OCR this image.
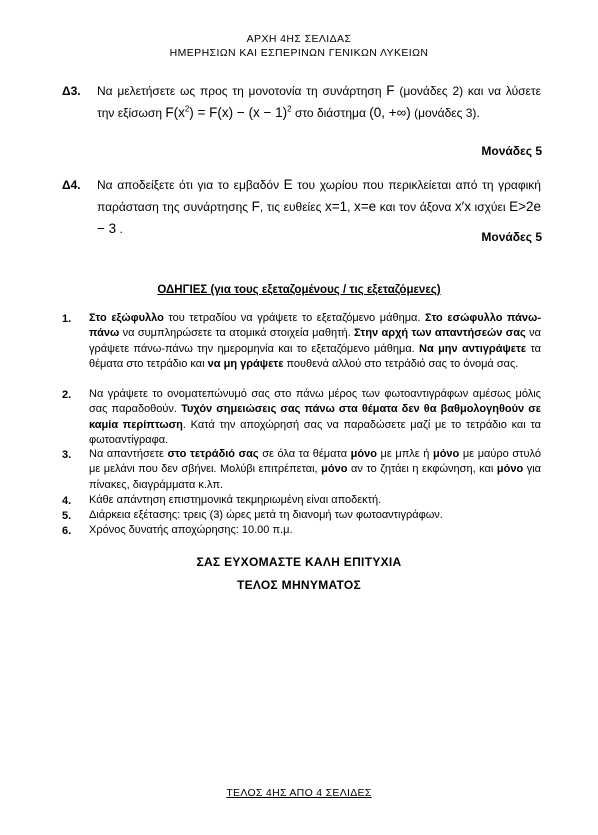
ΑΡΧΗ 4ΗΣ ΣΕΛΙΔΑΣ
ΗΜΕΡΗΣΙΩΝ ΚΑΙ ΕΣΠΕΡΙΝΩΝ ΓΕΝΙΚΩΝ ΛΥΚΕΙΩΝ
Δ3. Να μελετήσετε ως προς τη μονοτονία τη συνάρτηση F (μονάδες 2) και να λύσετε την εξίσωση $F(x^2) = F(x) - (x - 1)^2$ στο διάστημα (0, +∞) (μονάδες 3).
Μονάδες 5
Δ4. Να αποδείξετε ότι για το εμβαδόν E του χωρίου που περικλείεται από τη γραφική παράσταση της συνάρτησης F, τις ευθείες x=1, x=e και τον άξονα x′x ισχύει E>2e − 3 .
Μονάδες 5
ΟΔΗΓΙΕΣ (για τους εξεταζομένους / τις εξεταζόμενες)
1. Στο εξώφυλλο του τετραδίου να γράψετε το εξεταζόμενο μάθημα. Στο εσώφυλλο πάνω-πάνω να συμπληρώσετε τα ατομικά στοιχεία μαθητή. Στην αρχή των απαντήσεών σας να γράψετε πάνω-πάνω την ημερομηνία και το εξεταζόμενο μάθημα. Να μην αντιγράψετε τα θέματα στο τετράδιο και να μη γράψετε πουθενά αλλού στο τετράδιό σας το όνομά σας.
2. Να γράψετε το ονοματεπώνυμό σας στο πάνω μέρος των φωτοαντιγράφων αμέσως μόλις σας παραδοθούν. Τυχόν σημειώσεις σας πάνω στα θέματα δεν θα βαθμολογηθούν σε καμία περίπτωση. Κατά την αποχώρησή σας να παραδώσετε μαζί με το τετράδιο και τα φωτοαντίγραφα.
3. Να απαντήσετε στο τετράδιό σας σε όλα τα θέματα μόνο με μπλε ή μόνο με μαύρο στυλό με μελάνι που δεν σβήνει. Μολύβι επιτρέπεται, μόνο αν το ζητάει η εκφώνηση, και μόνο για πίνακες, διαγράμματα κ.λπ.
4. Κάθε απάντηση επιστημονικά τεκμηριωμένη είναι αποδεκτή.
5. Διάρκεια εξέτασης: τρεις (3) ώρες μετά τη διανομή των φωτοαντιγράφων.
6. Χρόνος δυνατής αποχώρησης: 10.00 π.μ.
ΣΑΣ ΕΥΧΟΜΑΣΤΕ ΚΑΛΗ ΕΠΙΤΥΧΙΑ
ΤΕΛΟΣ ΜΗΝΥΜΑΤΟΣ
ΤΕΛΟΣ 4ΗΣ ΑΠΟ 4 ΣΕΛΙΔΕΣ
